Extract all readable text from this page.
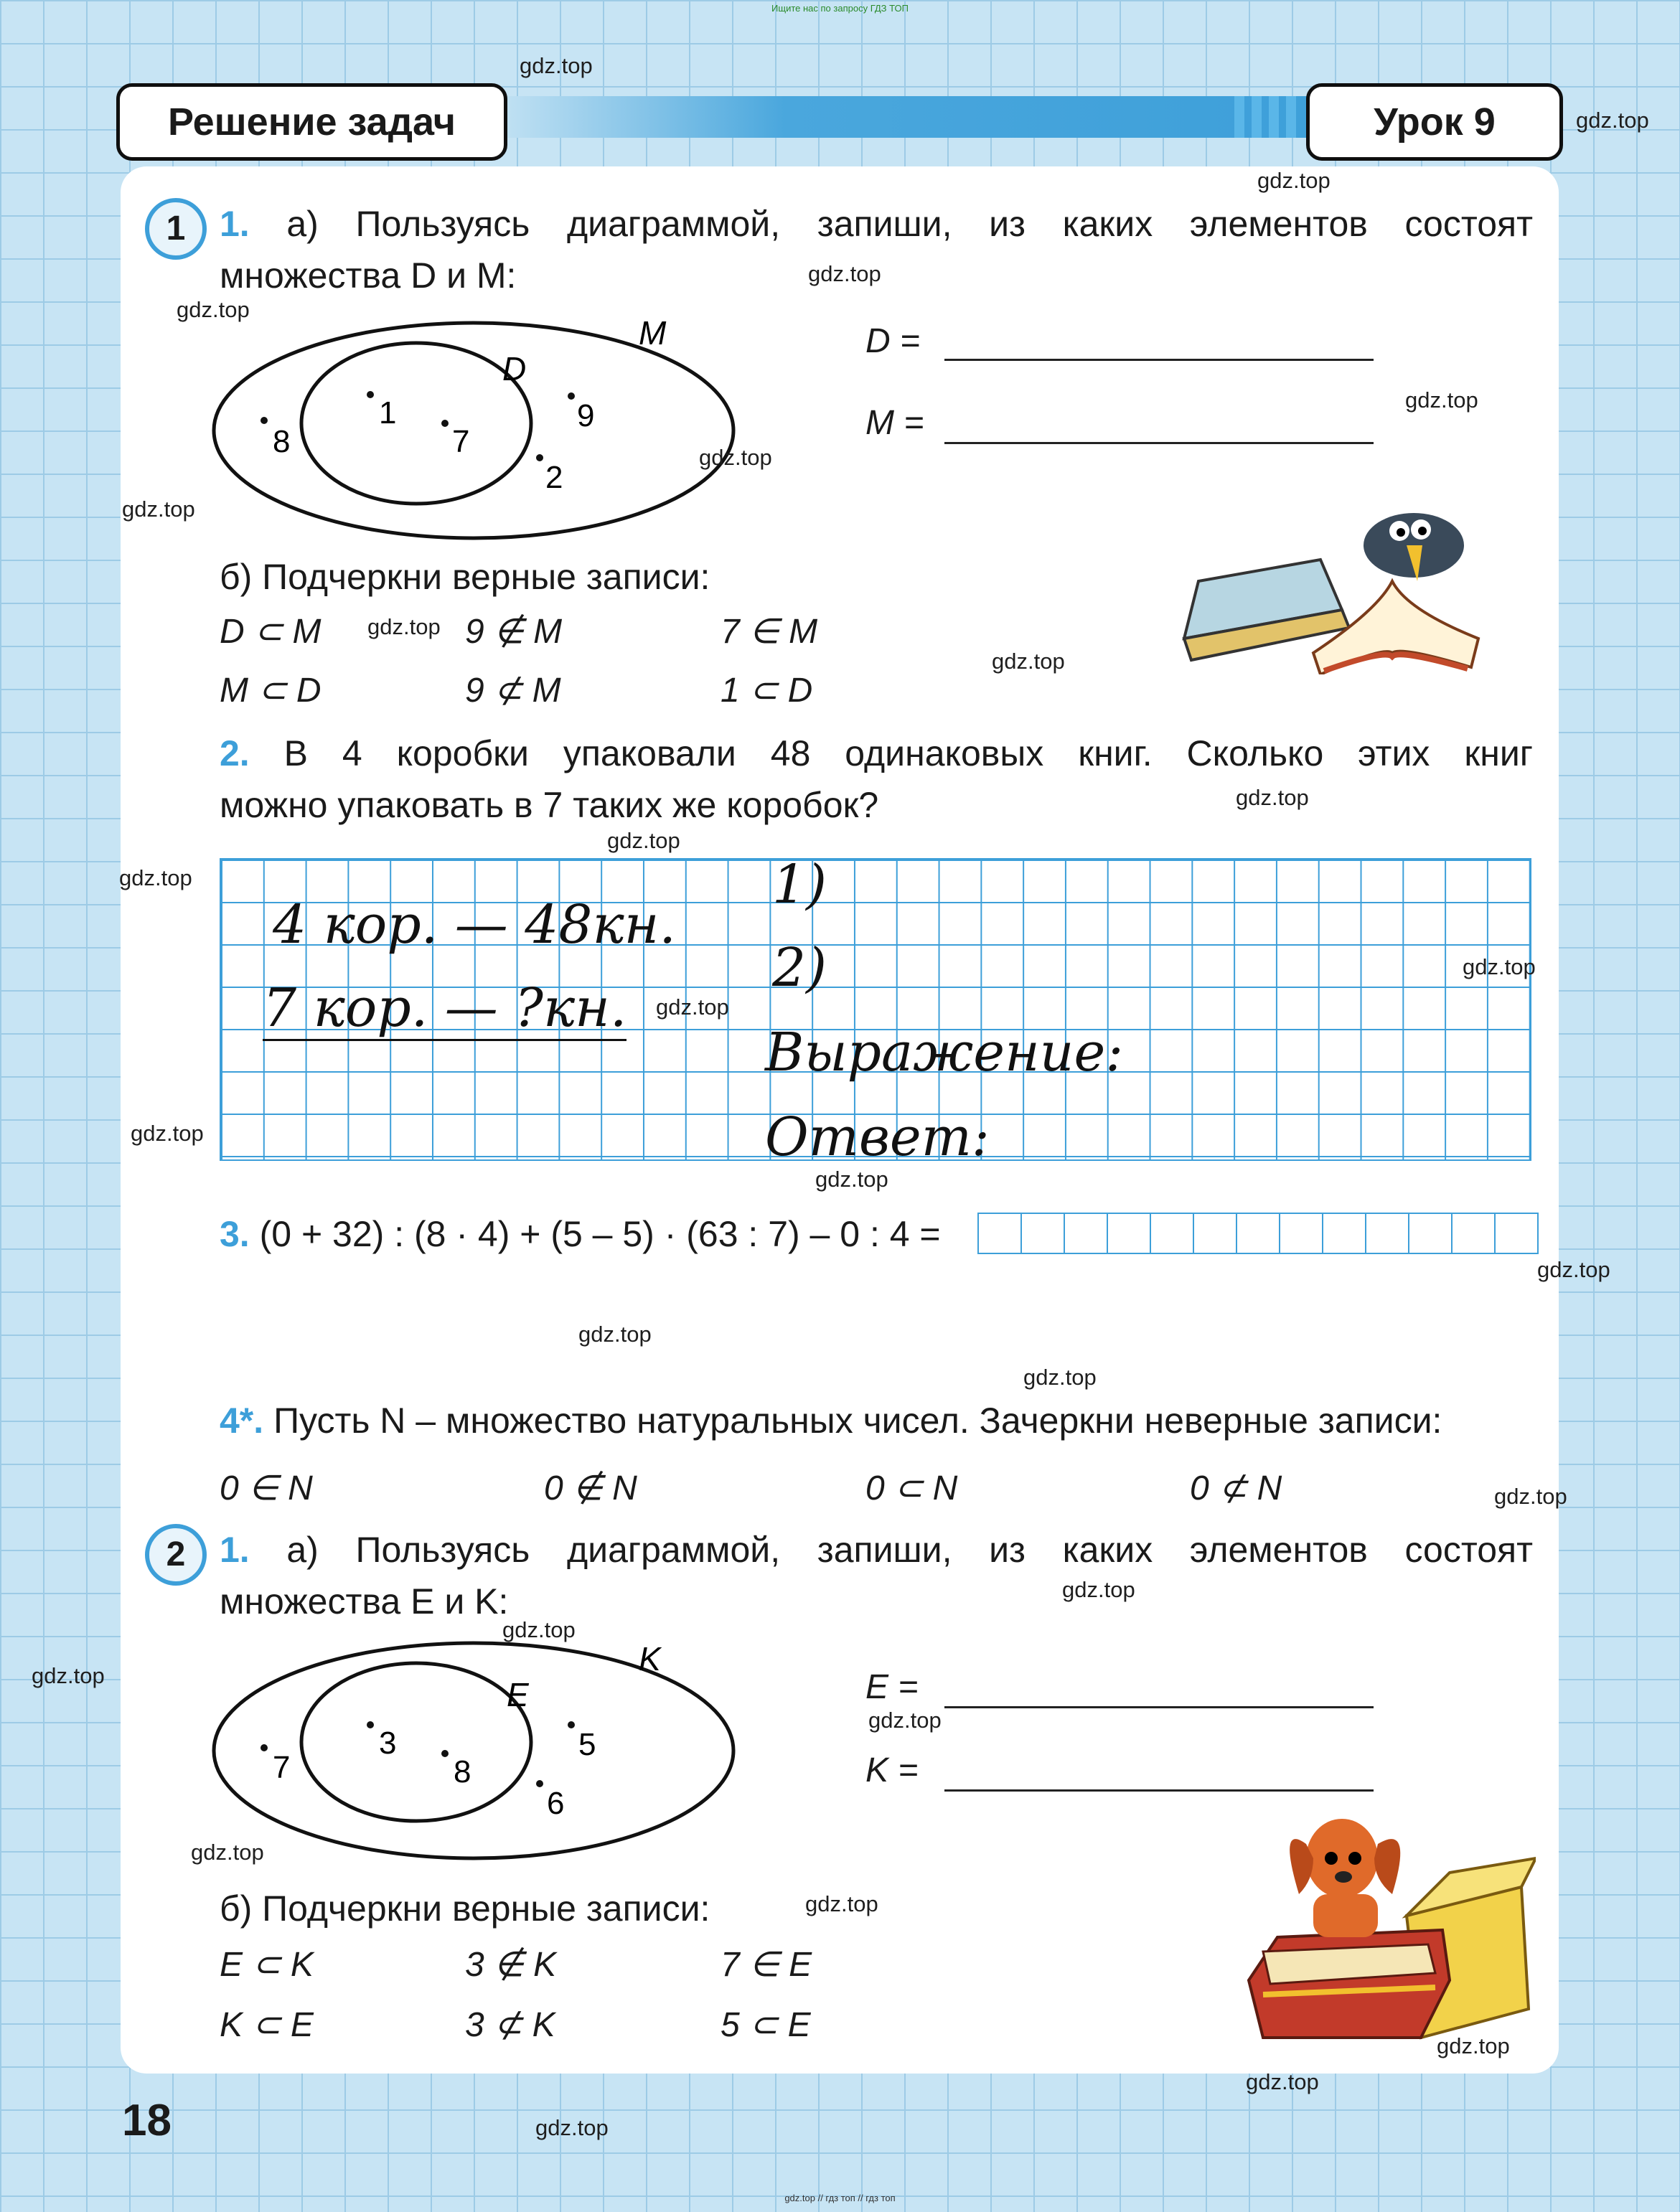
Ищите нас по запросу ГДЗ ТОП
Решение задач	Урок 9
gdz.top
gdz.top
gdz.top
1 1. а) Пользуясь диаграммой, запиши, из каких элементов состоят
множества D и M:
M
D
1
7
8
9
2
D =
M =
б) Подчеркни верные записи:
D ⊂ M	9 ∉ M	7 ∈ M
M ⊂ D	9 ⊄ M	1 ⊂ D
2. В 4 коробки упаковали 48 одинаковых книг. Сколько этих книг
можно упаковать в 7 таких же коробок?
4 кор. — 48кн.
7 кор. — ?кн.
1)
2)
Выражение:
Ответ:
3. (0 + 32) : (8 · 4) + (5 – 5) · (63 : 7) – 0 : 4 =
4*. Пусть N – множество натуральных чисел. Зачеркни неверные записи:
0 ∈ N	0 ∉ N	0 ⊂ N	0 ⊄ N
2 1. а) Пользуясь диаграммой, запиши, из каких элементов состоят
множества E и K:
K
E
3
8
7
5
6
E =
K =
б) Подчеркни верные записи:
E ⊂ K	3 ∉ K	7 ∈ E
K ⊂ E	3 ⊄ K	5 ⊂ E
gdz.top
gdz.top
gdz.top
gdz.top
gdz.top
gdz.top
gdz.top
gdz.top
gdz.top
gdz.top
gdz.top
gdz.top
gdz.top
gdz.top
gdz.top
gdz.top
gdz.top
gdz.top
gdz.top
gdz.top
gdz.top
gdz.top
gdz.top
gdz.top
gdz.top
gdz.top
gdz.top
18
gdz.top // гдз топ // гдз топ
